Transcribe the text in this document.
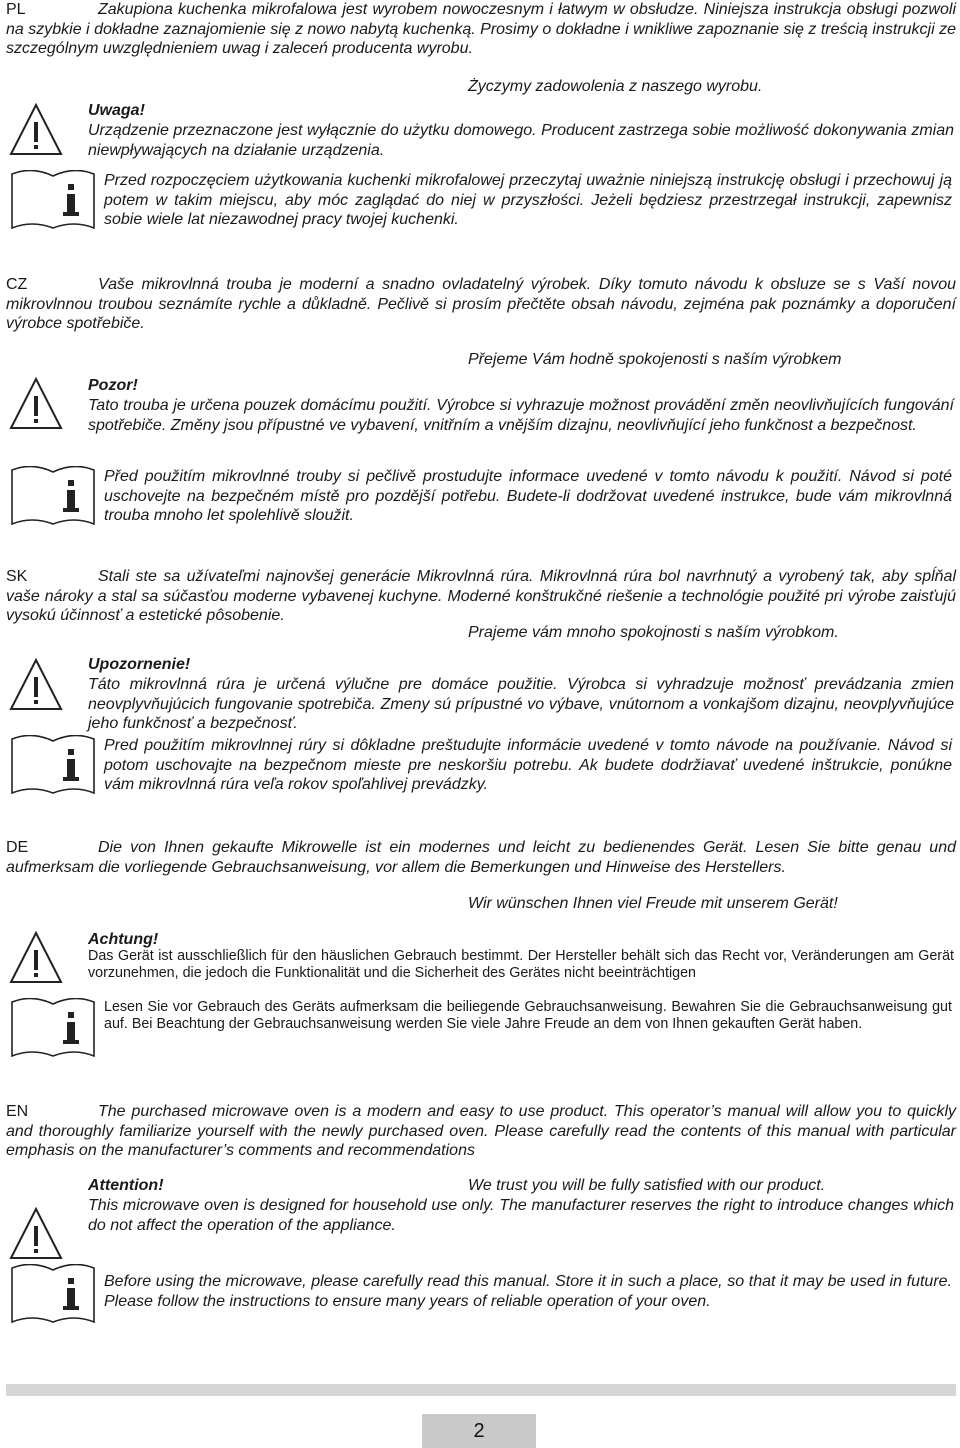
PL	Zakupiona kuchenka mikrofalowa jest wyrobem nowoczesnym i łatwym w obsłudze. Niniejsza instrukcja obsługi pozwoli na szybkie i dokładne zaznajomienie się z nowo nabytą kuchenką. Prosimy o dokładne i wnikliwe zapoznanie się z treścią instrukcji ze szczególnym uwzględnieniem uwag i zaleceń producenta wyrobu.

Życzymy zadowolenia z naszego wyrobu.
Uwaga!

Urządzenie przeznaczone jest wyłącznie do użytku domowego. Producent zastrzega sobie możliwość dokonywania zmian niewpływających na działanie urządzenia.

Przed rozpoczęciem użytkowania kuchenki mikrofalowej przeczytaj uważnie niniejszą instrukcję obsługi i przechowuj ją potem w takim miejscu, aby móc zaglądać do niej w przyszłości. Jeżeli będziesz przestrzegał instrukcji, zapewnisz sobie wiele lat niezawodnej pracy twojej kuchenki.

CZ	Vaše mikrovlnná trouba je moderní a snadno ovladatelný výrobek. Díky tomuto návodu k obsluze se s Vaší novou mikrovlnnou troubou seznámíte rychle a důkladně. Pečlivě si prosím přečtěte obsah návodu, zejména pak poznámky a doporučení výrobce spotřebiče.

Přejeme Vám hodně spokojenosti s naším výrobkem
Pozor!

Tato trouba je určena pouzek domácímu použití. Výrobce si vyhrazuje možnost provádění změn neovlivňujících fungování spotřebiče. Změny jsou přípustné ve vybavení, vnitřním a vnějším dizajnu, neovlivňující jeho funkčnost a bezpečnost.

Před použitím mikrovlnné trouby si pečlivě prostudujte informace uvedené v tomto návodu k použití. Návod si poté uschovejte na bezpečném místě pro pozdější potřebu. Budete-li dodržovat uvedené instrukce, bude vám mikrovlnná trouba mnoho let spolehlivě sloužit.

SK	Stali ste sa užívateľmi najnovšej generácie Mikrovlnná rúra. Mikrovlnná rúra bol navrhnutý a vyrobený tak, aby spĺňal vaše nároky a stal sa súčasťou moderne vybavenej kuchyne. Moderné konštrukčné riešenie a technológie použité pri výrobe zaisťujú vysokú účinnosť a estetické pôsobenie.

Prajeme vám mnoho spokojnosti s naším výrobkom.
Upozornenie!

Táto mikrovlnná rúra je určená výlučne pre domáce použitie. Výrobca si vyhradzuje možnosť prevádzania zmien neovplyvňujúcich fungovanie spotrebiča. Zmeny sú prípustné vo výbave, vnútornom a vonkajšom dizajnu, neovplyvňujúce jeho funkčnosť a bezpečnosť.

Pred použitím mikrovlnnej rúry si dôkladne preštudujte informácie uvedené v tomto návode na používanie. Návod si potom uschovajte na bezpečnom mieste pre neskoršiu potrebu. Ak budete dodržiavať uvedené inštrukcie, ponúkne vám mikrovlnná rúra veľa rokov spoľahlivej prevádzky.

DE	Die von Ihnen gekaufte Mikrowelle ist ein modernes und leicht zu bedienendes Gerät. Lesen Sie bitte genau und aufmerksam die vorliegende Gebrauchsanweisung, vor allem die Bemerkungen und Hinweise des Herstellers.

Wir wünschen Ihnen viel Freude mit unserem Gerät!
Achtung!

Das Gerät ist ausschließlich für den häuslichen Gebrauch bestimmt. Der Hersteller behält sich das Recht vor, Veränderungen am Gerät vorzunehmen, die jedoch die Funktionalität und die Sicherheit des Gerätes nicht beeinträchtigen

Lesen Sie vor Gebrauch des Geräts aufmerksam die beiliegende Gebrauchsanweisung. Bewahren Sie die Gebrauchsanweisung gut auf. Bei Beachtung der Gebrauchsanweisung werden Sie viele Jahre Freude an dem von Ihnen gekauften Gerät haben.

EN	The purchased microwave oven is a modern and easy to use product. This operator’s manual will allow you to quickly and thoroughly familiarize yourself with the newly purchased oven. Please carefully read the contents of this manual with particular emphasis on the manufacturer’s comments and recommendations

We trust you will be fully satisfied with our product.
Attention!

This microwave oven is designed for household use only. The manufacturer reserves the right to introduce changes which do not affect the operation of the appliance.

Before using the microwave, please carefully read this manual. Store it in such a place, so that it may be used in future. Please follow the instructions to ensure many years of reliable operation of your oven.

2
